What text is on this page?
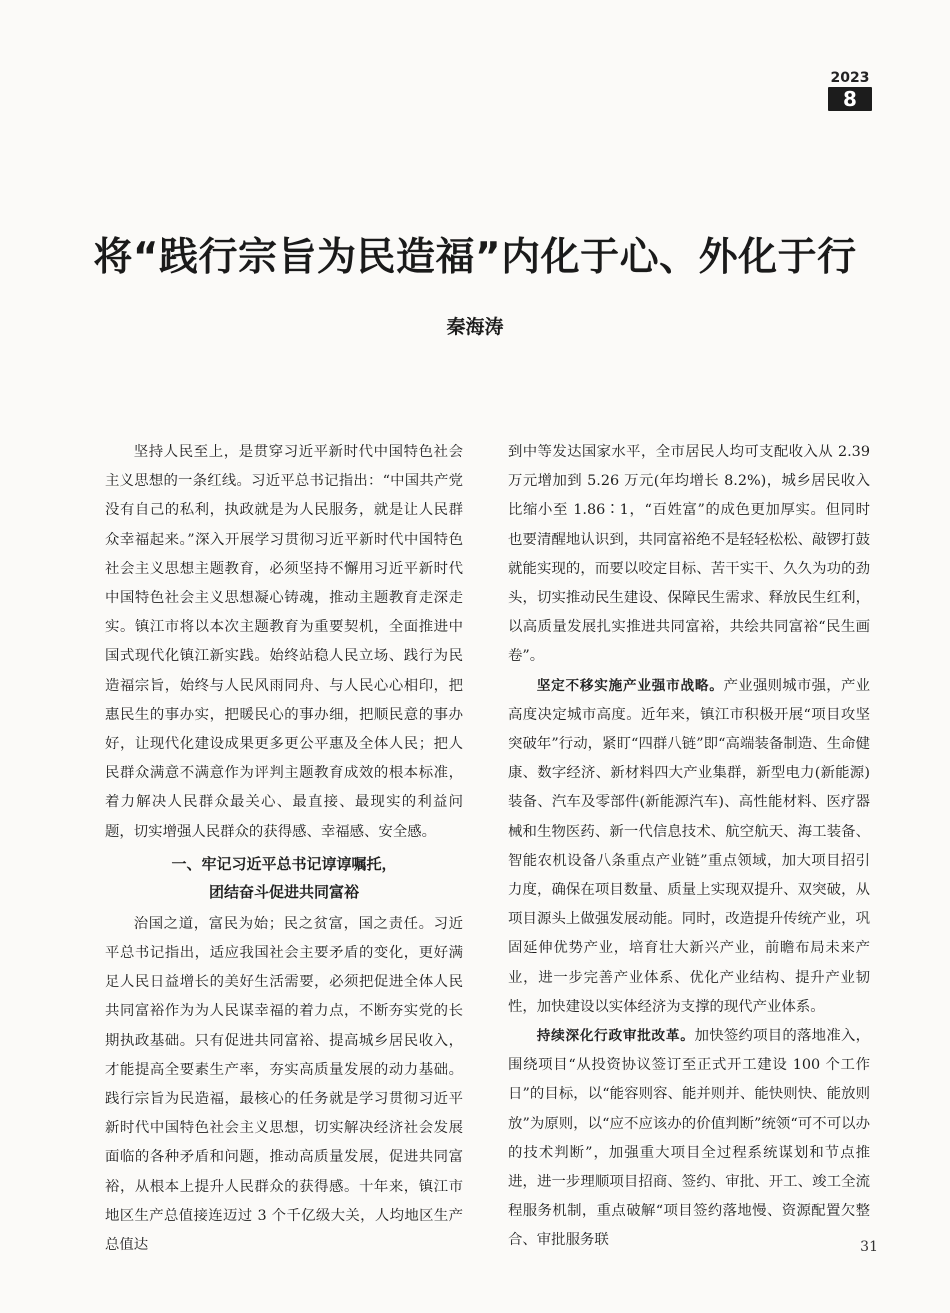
2023
8
将“践行宗旨为民造福”内化于心、外化于行
秦海涛

坚持人民至上，是贯穿习近平新时代中国特色社会主义思想的一条红线。习近平总书记指出：“中国共产党没有自己的私利，执政就是为人民服务，就是让人民群众幸福起来。”深入开展学习贯彻习近平新时代中国特色社会主义思想主题教育，必须坚持不懈用习近平新时代中国特色社会主义思想凝心铸魂，推动主题教育走深走实。镇江市将以本次主题教育为重要契机，全面推进中国式现代化镇江新实践。始终站稳人民立场、践行为民造福宗旨，始终与人民风雨同舟、与人民心心相印，把惠民生的事办实，把暖民心的事办细，把顺民意的事办好，让现代化建设成果更多更公平惠及全体人民；把人民群众满意不满意作为评判主题教育成效的根本标准，着力解决人民群众最关心、最直接、最现实的利益问题，切实增强人民群众的获得感、幸福感、安全感。

一、牢记习近平总书记谆谆嘱托，
团结奋斗促进共同富裕

治国之道，富民为始；民之贫富，国之责任。习近平总书记指出，适应我国社会主要矛盾的变化，更好满足人民日益增长的美好生活需要，必须把促进全体人民共同富裕作为为人民谋幸福的着力点，不断夯实党的长期执政基础。只有促进共同富裕、提高城乡居民收入，才能提高全要素生产率，夯实高质量发展的动力基础。践行宗旨为民造福，最核心的任务就是学习贯彻习近平新时代中国特色社会主义思想，切实解决经济社会发展面临的各种矛盾和问题，推动高质量发展，促进共同富裕，从根本上提升人民群众的获得感。十年来，镇江市地区生产总值接连迈过 3 个千亿级大关，人均地区生产总值达

到中等发达国家水平，全市居民人均可支配收入从 2.39 万元增加到 5.26 万元(年均增长 8.2%)，城乡居民收入比缩小至 1.86∶1，“百姓富”的成色更加厚实。但同时也要清醒地认识到，共同富裕绝不是轻轻松松、敲锣打鼓就能实现的，而要以咬定目标、苦干实干、久久为功的劲头，切实推动民生建设、保障民生需求、释放民生红利，以高质量发展扎实推进共同富裕，共绘共同富裕“民生画卷”。

坚定不移实施产业强市战略。产业强则城市强，产业高度决定城市高度。近年来，镇江市积极开展“项目攻坚突破年”行动，紧盯“四群八链”即“高端装备制造、生命健康、数字经济、新材料四大产业集群，新型电力(新能源)装备、汽车及零部件(新能源汽车)、高性能材料、医疗器械和生物医药、新一代信息技术、航空航天、海工装备、智能农机设备八条重点产业链”重点领域，加大项目招引力度，确保在项目数量、质量上实现双提升、双突破，从项目源头上做强发展动能。同时，改造提升传统产业，巩固延伸优势产业，培育壮大新兴产业，前瞻布局未来产业，进一步完善产业体系、优化产业结构、提升产业韧性，加快建设以实体经济为支撑的现代产业体系。

持续深化行政审批改革。加快签约项目的落地准入，围绕项目“从投资协议签订至正式开工建设 100 个工作日”的目标，以“能容则容、能并则并、能快则快、能放则放”为原则，以“应不应该办的价值判断”统领“可不可以办的技术判断”，加强重大项目全过程系统谋划和节点推进，进一步理顺项目招商、签约、审批、开工、竣工全流程服务机制，重点破解“项目签约落地慢、资源配置欠整合、审批服务联	31
